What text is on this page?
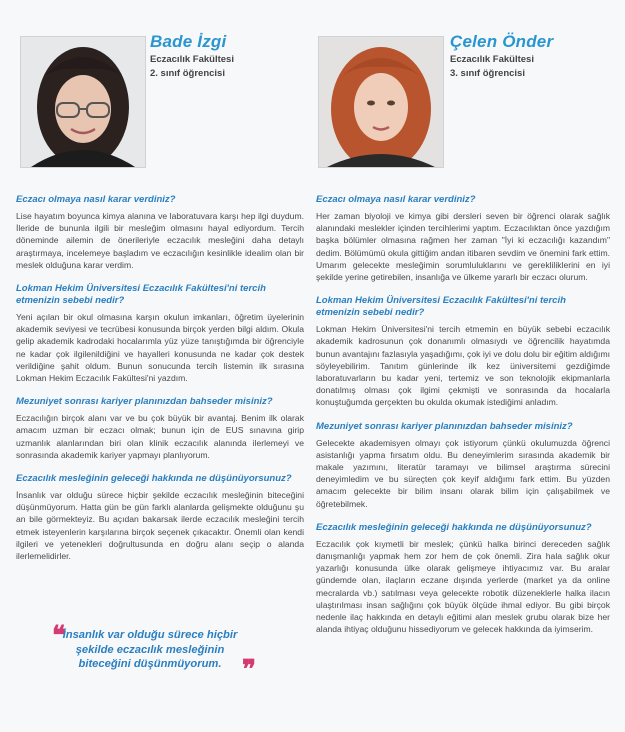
Bade İzgi
Eczacılık Fakültesi
2. sınıf öğrencisi
Eczacı olmaya nasıl karar verdiniz?
Lise hayatım boyunca kimya alanına ve laboratuvara karşı hep ilgi duydum. İleride de bununla ilgili bir mesleğim olmasını hayal ediyordum. Tercih döneminde ailemin de önerileriyle eczacılık mesleğini daha detaylı araştırmaya, incelemeye başladım ve eczacılığın kesinlikle idealim olan bir meslek olduğuna karar verdim.
Lokman Hekim Üniversitesi Eczacılık Fakültesi'ni tercih etmenizin sebebi nedir?
Yeni açılan bir okul olmasına karşın okulun imkanları, öğretim üyelerinin akademik seviyesi ve tecrübesi konusunda birçok yerden bilgi aldım. Okula gelip akademik kadrodaki hocalarımla yüz yüze tanıştığımda bir öğrenciyle ne kadar çok ilgilenildiğini ve hayalleri konusunda ne kadar çok destek verildiğine şahit oldum. Bunun sonucunda tercih listemin ilk sırasına Lokman Hekim Eczacılık Fakültesi'ni yazdım.
Mezuniyet sonrası kariyer planınızdan bahseder misiniz?
Eczacılığın birçok alanı var ve bu çok büyük bir avantaj. Benim ilk olarak amacım uzman bir eczacı olmak; bunun için de EUS sınavına girip uzmanlık alanlarından biri olan klinik eczacılık alanında ilerlemeyi ve sonrasında akademik kariyer yapmayı planlıyorum.
Eczacılık mesleğinin geleceği hakkında ne düşünüyorsunuz?
İnsanlık var olduğu sürece hiçbir şekilde eczacılık mesleğinin biteceğini düşünmüyorum. Hatta gün be gün farklı alanlarda gelişmekte olduğunu şu an bile görmekteyiz. Bu açıdan bakarsak ilerde eczacılık mesleğini tercih etmek isteyenlerin karşılarına birçok seçenek çıkacaktır. Önemli olan kendi ilgileri ve yetenekleri doğrultusunda en doğru alanı seçip o alanda ilerlemelidirler.
❝
İnsanlık var olduğu sürece hiçbir şekilde eczacılık mesleğinin biteceğini düşünmüyorum. ❞
Çelen Önder
Eczacılık Fakültesi
3. sınıf öğrencisi
Eczacı olmaya nasıl karar verdiniz?
Her zaman biyoloji ve kimya gibi dersleri seven bir öğrenci olarak sağlık alanındaki meslekler içinden tercihlerimi yaptım. Eczacılıktan önce yazdığım başka bölümler olmasına rağmen her zaman "İyi ki eczacılığı kazandım" dedim. Bölümümü okula gittiğim andan itibaren sevdim ve önemini fark ettim. Umarım gelecekte mesleğimin sorumluluklarını ve gerekliliklerini en iyi şekilde yerine getirebilen, insanlığa ve ülkeme yararlı bir eczacı olurum.
Lokman Hekim Üniversitesi Eczacılık Fakültesi'ni tercih etmenizin sebebi nedir?
Lokman Hekim Üniversitesi'ni tercih etmemin en büyük sebebi eczacılık akademik kadrosunun çok donanımlı olmasıydı ve öğrencilik hayatımda bunun avantajını fazlasıyla yaşadığımı, çok iyi ve dolu dolu bir eğitim aldığımı söyleyebilirim. Tanıtım günlerinde ilk kez üniversitemi gezdiğimde laboratuvarların bu kadar yeni, tertemiz ve son teknolojik ekipmanlarla donatılmış olması çok ilgimi çekmişti ve sonrasında da hocalarla konuştuğumda gerçekten bu okulda okumak istediğimi anladım.
Mezuniyet sonrası kariyer planınızdan bahseder misiniz?
Gelecekte akademisyen olmayı çok istiyorum çünkü okulumuzda öğrenci asistanlığı yapma fırsatım oldu. Bu deneyimlerim sırasında akademik bir makale yazımını, literatür taramayı ve bilimsel araştırma sürecini deneyimledim ve bu süreçten çok keyif aldığımı fark ettim. Bu yüzden amacım gelecekte bir bilim insanı olarak bilim için çalışabilmek ve öğretebilmek.
Eczacılık mesleğinin geleceği hakkında ne düşünüyorsunuz?
Eczacılık çok kıymetli bir meslek; çünkü halka birinci dereceden sağlık danışmanlığı yapmak hem zor hem de çok önemli. Zira hala sağlık okur yazarlığı konusunda ülke olarak gelişmeye ihtiyacımız var. Bu aralar gündemde olan, ilaçların eczane dışında yerlerde (market ya da online mecralarda vb.) satılması veya gelecekte robotik düzeneklerle halka ilacın ulaştırılması insan sağlığını çok büyük ölçüde ihmal ediyor. Bu gibi birçok nedenle ilaç hakkında en detaylı eğitimi alan meslek grubu olarak bize her alanda ihtiyaç olduğunu hissediyorum ve gelecek hakkında da iyimserim.
